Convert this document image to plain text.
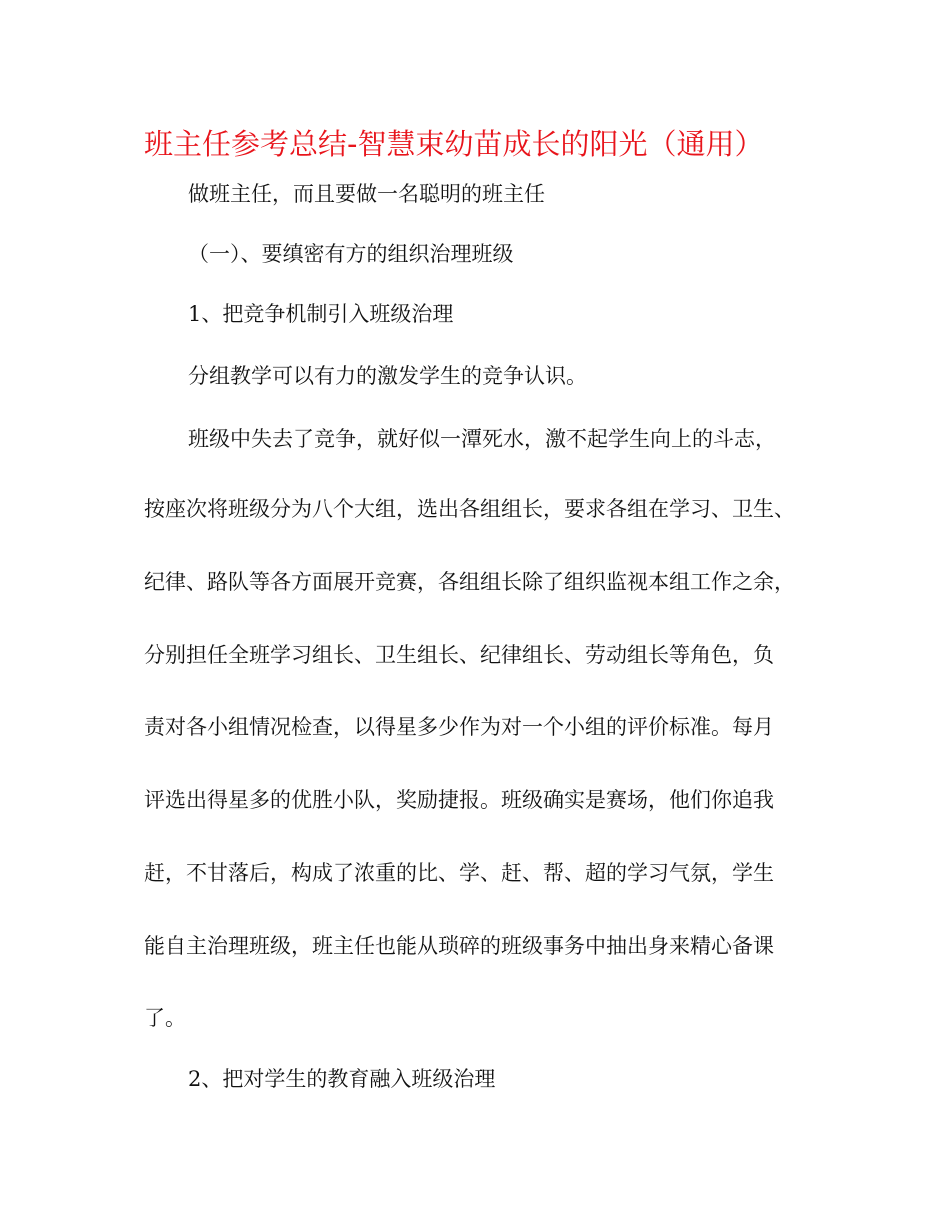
班主任参考总结-智慧束幼苗成长的阳光（通用）

做班主任，而且要做一名聪明的班主任

（一）、要缜密有方的组织治理班级

1、把竞争机制引入班级治理

分组教学可以有力的激发学生的竞争认识。

班级中失去了竞争，就好似一潭死水，激不起学生向上的斗志，

按座次将班级分为八个大组，选出各组组长，要求各组在学习、卫生、

纪律、路队等各方面展开竞赛，各组组长除了组织监视本组工作之余，

分别担任全班学习组长、卫生组长、纪律组长、劳动组长等角色，负

责对各小组情况检查，以得星多少作为对一个小组的评价标准。每月

评选出得星多的优胜小队，奖励捷报。班级确实是赛场，他们你追我

赶，不甘落后，构成了浓重的比、学、赶、帮、超的学习气氛，学生

能自主治理班级，班主任也能从琐碎的班级事务中抽出身来精心备课

了。

2、把对学生的教育融入班级治理
